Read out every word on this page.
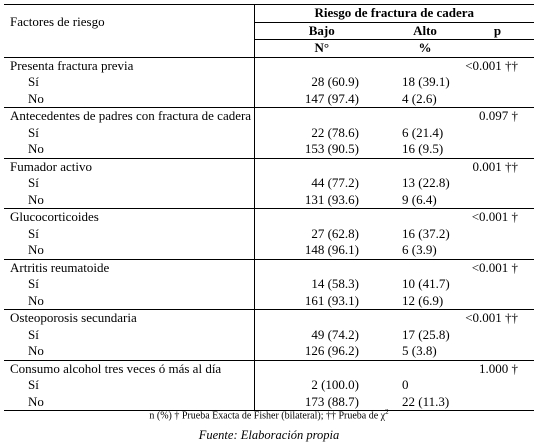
Factores de riesgo	Riesgo de fractura de cadera		
	Bajo	Alto	p
	N°	%	
Presenta fractura previa			<0.001 ††
Sí	28 (60.9)	18 (39.1)	
No	147 (97.4)	4 (2.6)	
Antecedentes de padres con fractura de cadera			0.097 †
Sí	22 (78.6)	6 (21.4)	
No	153 (90.5)	16 (9.5)	
Fumador activo			0.001 ††
Sí	44 (77.2)	13 (22.8)	
No	131 (93.6)	9 (6.4)	
Glucocorticoides			<0.001 †
Sí	27 (62.8)	16 (37.2)	
No	148 (96.1)	6 (3.9)	
Artritis reumatoide			<0.001 †
Sí	14 (58.3)	10 (41.7)	
No	161 (93.1)	12 (6.9)	
Osteoporosis secundaria			<0.001 ††
Sí	49 (74.2)	17 (25.8)	
No	126 (96.2)	5 (3.8)	
Consumo alcohol tres veces ó más al día			1.000 †
Sí	2 (100.0)	0	
No	173 (88.7)	22 (11.3)	
n (%) † Prueba Exacta de Fisher (bilateral); †† Prueba de $\chi^2$
Fuente: Elaboración propia
